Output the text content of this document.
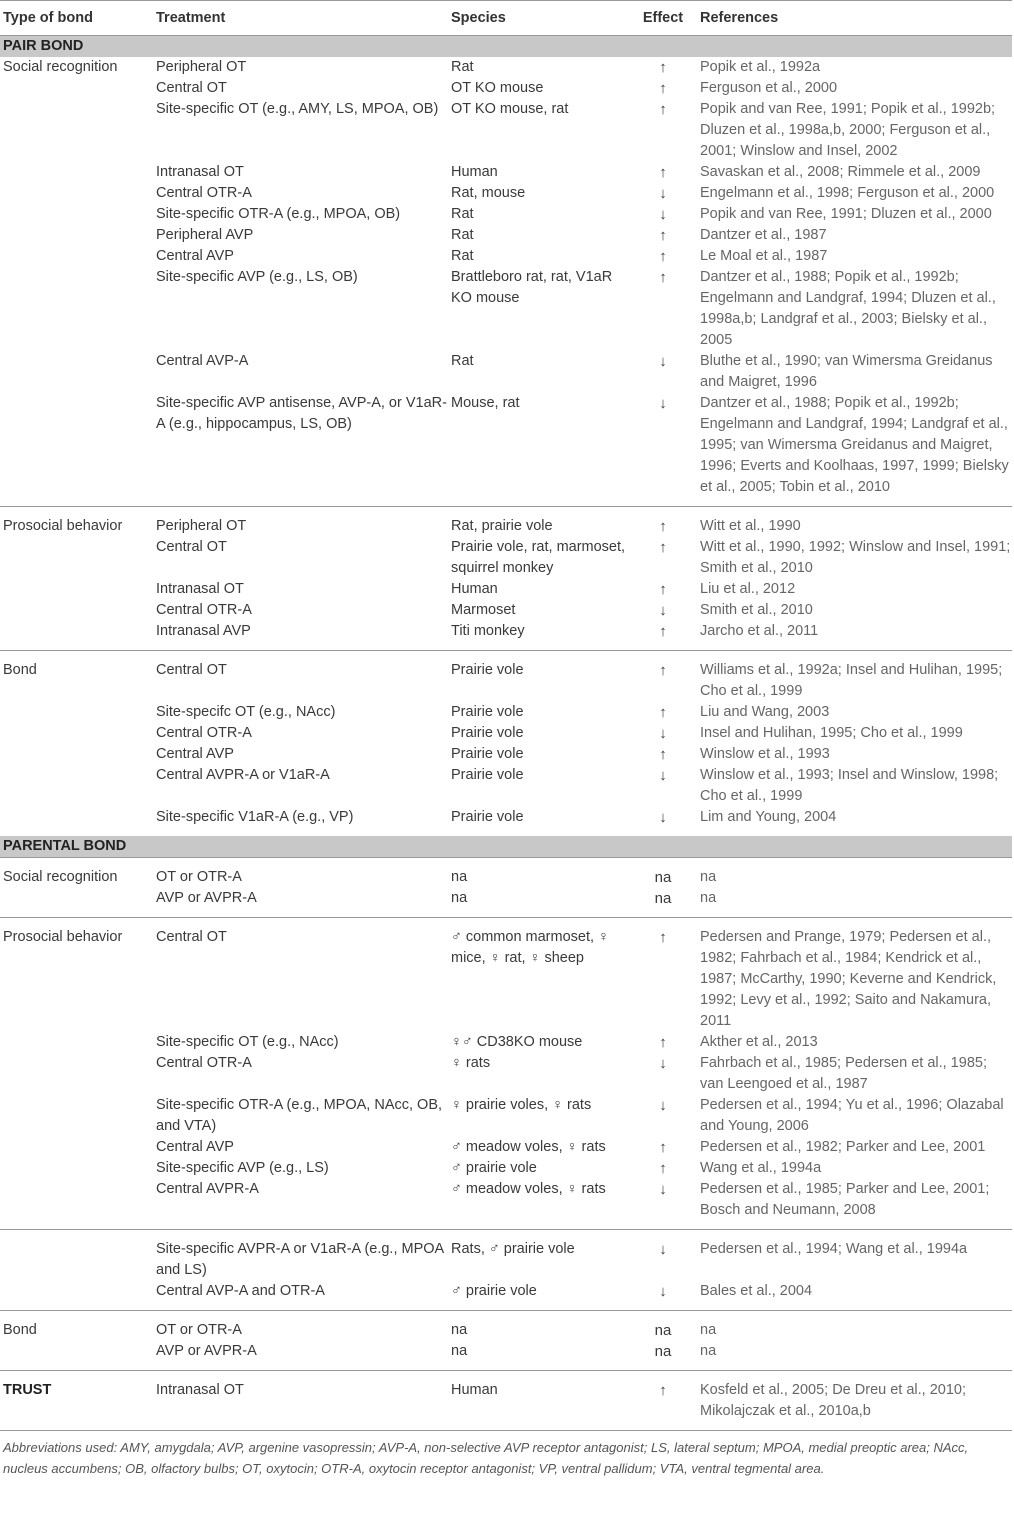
Type of bond	Treatment	Species	Effect	References
PAIR BOND				
Social recognition	Peripheral OT	Rat	↑	Popik et al., 1992a
	Central OT	OT KO mouse	↑	Ferguson et al., 2000
	Site-specific OT (e.g., AMY, LS, MPOA, OB)	OT KO mouse, rat	↑	Popik and van Ree, 1991; Popik et al., 1992b; Dluzen et al., 1998a,b, 2000; Ferguson et al., 2001; Winslow and Insel, 2002
	Intranasal OT	Human	↑	Savaskan et al., 2008; Rimmele et al., 2009
	Central OTR-A	Rat, mouse	↓	Engelmann et al., 1998; Ferguson et al., 2000
	Site-specific OTR-A (e.g., MPOA, OB)	Rat	↓	Popik and van Ree, 1991; Dluzen et al., 2000
	Peripheral AVP	Rat	↑	Dantzer et al., 1987
	Central AVP	Rat	↑	Le Moal et al., 1987
	Site-specific AVP (e.g., LS, OB)	Brattleboro rat, rat, V1aR KO mouse	↑	Dantzer et al., 1988; Popik et al., 1992b; Engelmann and Landgraf, 1994; Dluzen et al., 1998a,b; Landgraf et al., 2003; Bielsky et al., 2005
	Central AVP-A	Rat	↓	Bluthe et al., 1990; van Wimersma Greidanus and Maigret, 1996
	Site-specific AVP antisense, AVP-A, or V1aR-A (e.g., hippocampus, LS, OB)	Mouse, rat	↓	Dantzer et al., 1988; Popik et al., 1992b; Engelmann and Landgraf, 1994; Landgraf et al., 1995; van Wimersma Greidanus and Maigret, 1996; Everts and Koolhaas, 1997, 1999; Bielsky et al., 2005; Tobin et al., 2010
Prosocial behavior	Peripheral OT	Rat, prairie vole	↑	Witt et al., 1990
	Central OT	Prairie vole, rat, marmoset, squirrel monkey	↑	Witt et al., 1990, 1992; Winslow and Insel, 1991; Smith et al., 2010
	Intranasal OT	Human	↑	Liu et al., 2012
	Central OTR-A	Marmoset	↓	Smith et al., 2010
	Intranasal AVP	Titi monkey	↑	Jarcho et al., 2011
Bond	Central OT	Prairie vole	↑	Williams et al., 1992a; Insel and Hulihan, 1995; Cho et al., 1999
	Site-specifc OT (e.g., NAcc)	Prairie vole	↑	Liu and Wang, 2003
	Central OTR-A	Prairie vole	↓	Insel and Hulihan, 1995; Cho et al., 1999
	Central AVP	Prairie vole	↑	Winslow et al., 1993
	Central AVPR-A or V1aR-A	Prairie vole	↓	Winslow et al., 1993; Insel and Winslow, 1998; Cho et al., 1999
	Site-specific V1aR-A (e.g., VP)	Prairie vole	↓	Lim and Young, 2004
PARENTAL BOND				
Social recognition	OT or OTR-A	na	na	na
	AVP or AVPR-A	na	na	na
Prosocial behavior	Central OT	♂ common marmoset, ♀ mice, ♀ rat, ♀ sheep	↑	Pedersen and Prange, 1979; Pedersen et al., 1982; Fahrbach et al., 1984; Kendrick et al., 1987; McCarthy, 1990; Keverne and Kendrick, 1992; Levy et al., 1992; Saito and Nakamura, 2011
	Site-specific OT (e.g., NAcc)	♀♂ CD38KO mouse	↑	Akther et al., 2013
	Central OTR-A	♀ rats	↓	Fahrbach et al., 1985; Pedersen et al., 1985; van Leengoed et al., 1987
	Site-specific OTR-A (e.g., MPOA, NAcc, OB, and VTA)	♀ prairie voles, ♀ rats	↓	Pedersen et al., 1994; Yu et al., 1996; Olazabal and Young, 2006
	Central AVP	♂ meadow voles, ♀ rats	↑	Pedersen et al., 1982; Parker and Lee, 2001
	Site-specific AVP (e.g., LS)	♂ prairie vole	↑	Wang et al., 1994a
	Central AVPR-A	♂ meadow voles, ♀ rats	↓	Pedersen et al., 1985; Parker and Lee, 2001; Bosch and Neumann, 2008
	Site-specific AVPR-A or V1aR-A (e.g., MPOA and LS)	Rats, ♂ prairie vole	↓	Pedersen et al., 1994; Wang et al., 1994a
	Central AVP-A and OTR-A	♂ prairie vole	↓	Bales et al., 2004
Bond	OT or OTR-A	na	na	na
	AVP or AVPR-A	na	na	na
TRUST	Intranasal OT	Human	↑	Kosfeld et al., 2005; De Dreu et al., 2010; Mikolajczak et al., 2010a,b
Abbreviations used: AMY, amygdala; AVP, argenine vasopressin; AVP-A, non-selective AVP receptor antagonist; LS, lateral septum; MPOA, medial preoptic area; NAcc, nucleus accumbens; OB, olfactory bulbs; OT, oxytocin; OTR-A, oxytocin receptor antagonist; VP, ventral pallidum; VTA, ventral tegmental area.
